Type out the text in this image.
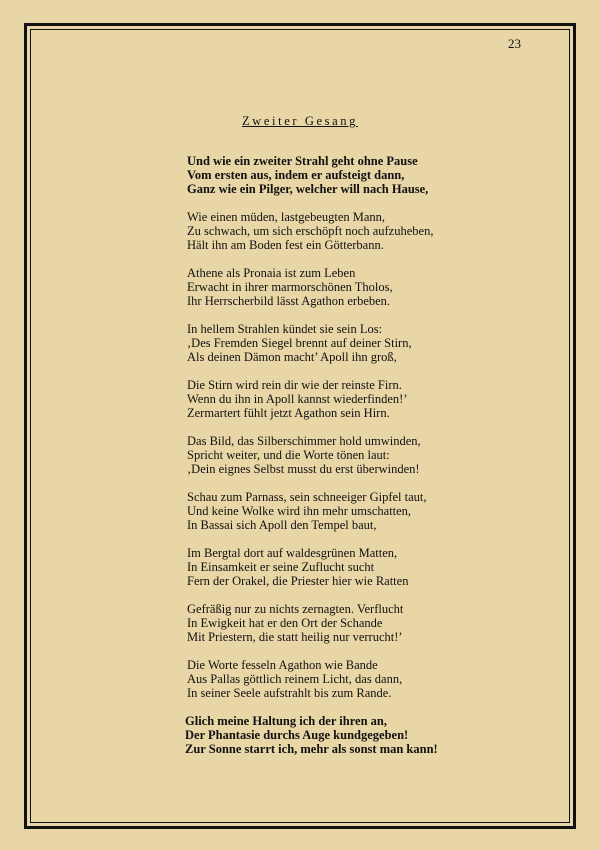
23
Zweiter Gesang
Und wie ein zweiter Strahl geht ohne Pause
Vom ersten aus, indem er aufsteigt dann,
Ganz wie ein Pilger, welcher will nach Hause,
Wie einen müden, lastgebeugten Mann,
Zu schwach, um sich erschöpft noch aufzuheben,
Hält ihn am Boden fest ein Götterbann.
Athene als Pronaia ist zum Leben
Erwacht in ihrer marmorschönen Tholos,
Ihr Herrscherbild lässt Agathon erbeben.
In hellem Strahlen kündet sie sein Los:
‚Des Fremden Siegel brennt auf deiner Stirn,
Als deinen Dämon macht’ Apoll ihn groß,
Die Stirn wird rein dir wie der reinste Firn.
Wenn du ihn in Apoll kannst wiederfinden!’
Zermartert fühlt jetzt Agathon sein Hirn.
Das Bild, das Silberschimmer hold umwinden,
Spricht weiter, und die Worte tönen laut:
‚Dein eignes Selbst musst du erst überwinden!
Schau zum Parnass, sein schneeiger Gipfel taut,
Und keine Wolke wird ihn mehr umschatten,
In Bassai sich Apoll den Tempel baut,
Im Bergtal dort auf waldesgrünen Matten,
In Einsamkeit er seine Zuflucht sucht
Fern der Orakel, die Priester hier wie Ratten
Gefräßig nur zu nichts zernagten. Verflucht
In Ewigkeit hat er den Ort der Schande
Mit Priestern, die statt heilig nur verrucht!’
Die Worte fesseln Agathon wie Bande
Aus Pallas göttlich reinem Licht, das dann,
In seiner Seele aufstrahlt bis zum Rande.
Glich meine Haltung ich der ihren an,
Der Phantasie durchs Auge kundgegeben!
Zur Sonne starrt ich, mehr als sonst man kann!
